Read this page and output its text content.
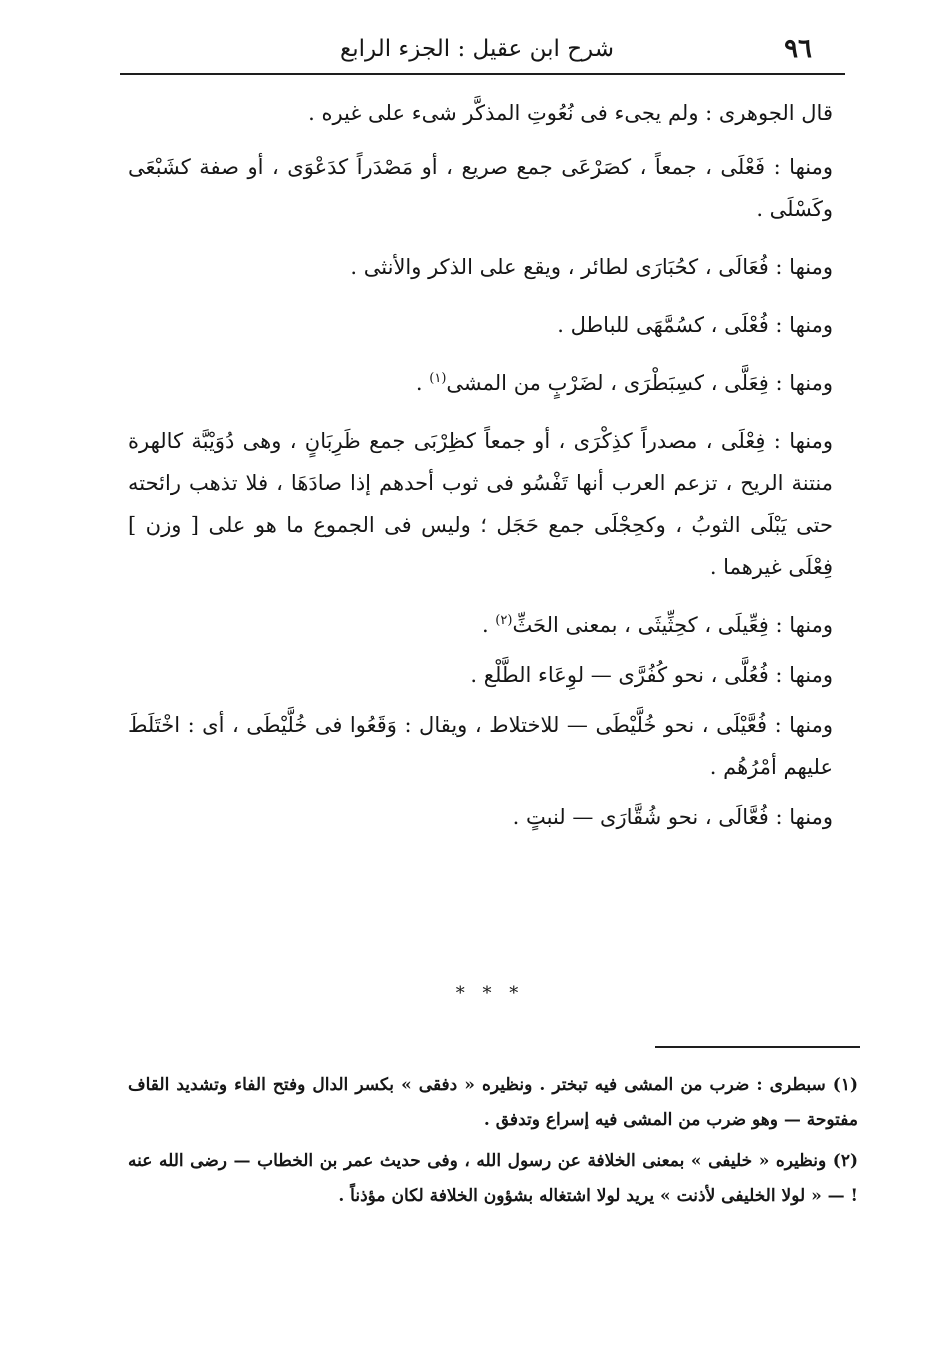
٩٦
شرح ابن عقيل : الجزء الرابع

قال الجوهرى : ولم يجىء فى نُعُوتِ المذكَّر شىء على غيره .

ومنها : فَعْلَى ، جمعاً ، كصَرْعَى جمع صريع ، أو مَصْدَراً كدَعْوَى ، أو صفة كشَبْعَى وكَسْلَى .

ومنها : فُعَالَى ، كحُبَارَى لطائر ، ويقع على الذكر والأنثى .

ومنها : فُعْلَى ، كسُمَّهَى للباطل .

ومنها : فِعَلَّى ، كسِبَطْرَى ، لضَرْبٍ من المشى$^{(١)}$ .

ومنها : فِعْلَى ، مصدراً كذِكْرَى ، أو جمعاً كظِرْبَى جمع ظَرِبَانٍ ، وهى دُوَيْبَّة كالهرة منتنة الريح ، تزعم العرب أنها تَفْسُو فى ثوب أحدهم إذا صادَهَا ، فلا تذهب رائحته حتى يَبْلَى الثوبُ ، وكحِجْلَى جمع حَجَل ؛ وليس فى الجموع ما هو على [ وزن ] فِعْلَى غيرهما .

ومنها : فِعِّيلَى ، كحِثِّيثَى ، بمعنى الحَثِّ$^{(٢)}$ .

ومنها : فُعُلَّى ، نحو كُفُرَّى — لوِعَاء الطَّلْع .

ومنها : فُعَّيْلَى ، نحو خُلَّيْطَى — للاختلاط ، ويقال : وَقَعُوا فى خُلَّيْطَى ، أى : اخْتَلَطَ عليهم أمْرُهُم .

ومنها : فُعَّالَى ، نحو شُقَّارَى — لنبتٍ .

* * *

(١) سبطرى : ضرب من المشى فيه تبختر . ونظيره « دفقى » بكسر الدال وفتح الفاء وتشديد القاف مفتوحة — وهو ضرب من المشى فيه إسراع وتدفق .

(٢) ونظيره « خليفى » بمعنى الخلافة عن رسول الله ، وفى حديث عمر بن الخطاب — رضى الله عنه ! — « لولا الخليفى لأذنت » يريد لولا اشتغاله بشؤون الخلافة لكان مؤذناً .
